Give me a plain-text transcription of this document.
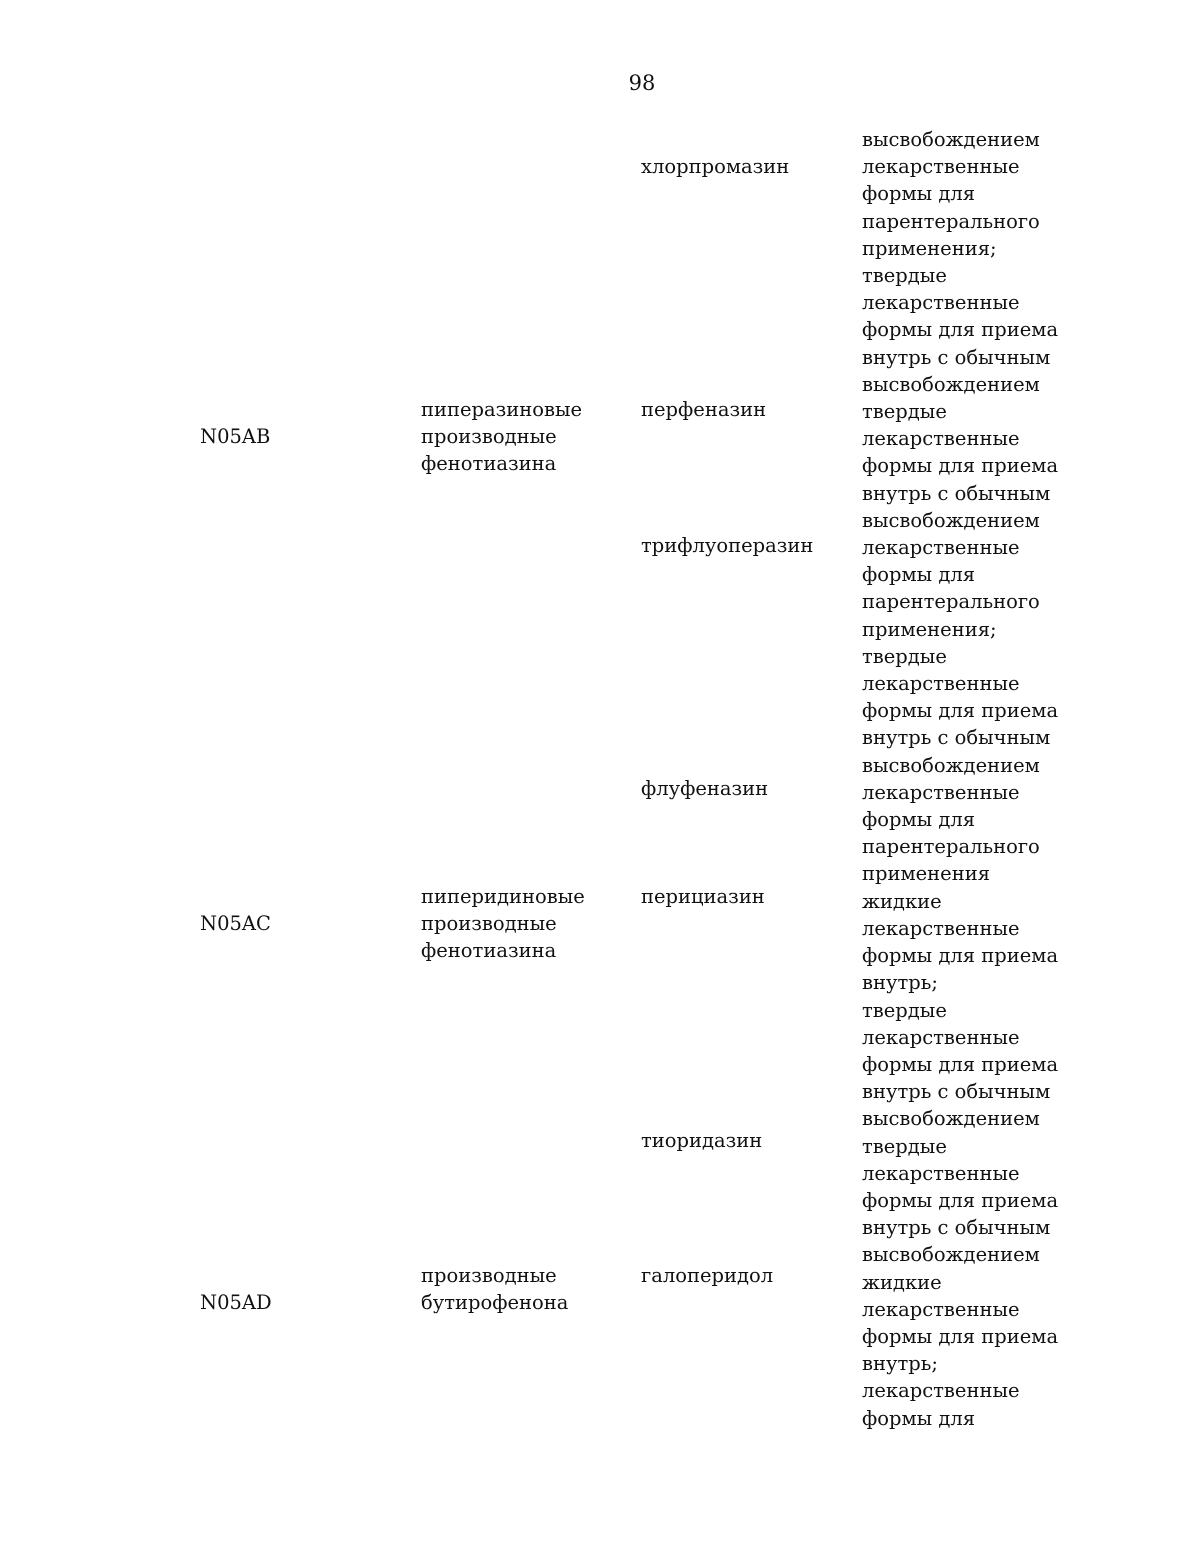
98
N05AB
N05AC
N05AD
пиперазиновые
производные
фенотиазина
пиперидиновые
производные
фенотиазина
производные
бутирофенона
хлорпромазин
перфеназин
трифлуоперазин
флуфеназин
перициазин
тиоридазин
галоперидол
высвобождением
лекарственные
формы для
парентерального
применения;
твердые
лекарственные
формы для приема
внутрь с обычным
высвобождением
твердые
лекарственные
формы для приема
внутрь с обычным
высвобождением
лекарственные
формы для
парентерального
применения;
твердые
лекарственные
формы для приема
внутрь с обычным
высвобождением
лекарственные
формы для
парентерального
применения
жидкие
лекарственные
формы для приема
внутрь;
твердые
лекарственные
формы для приема
внутрь с обычным
высвобождением
твердые
лекарственные
формы для приема
внутрь с обычным
высвобождением
жидкие
лекарственные
формы для приема
внутрь;
лекарственные
формы для
